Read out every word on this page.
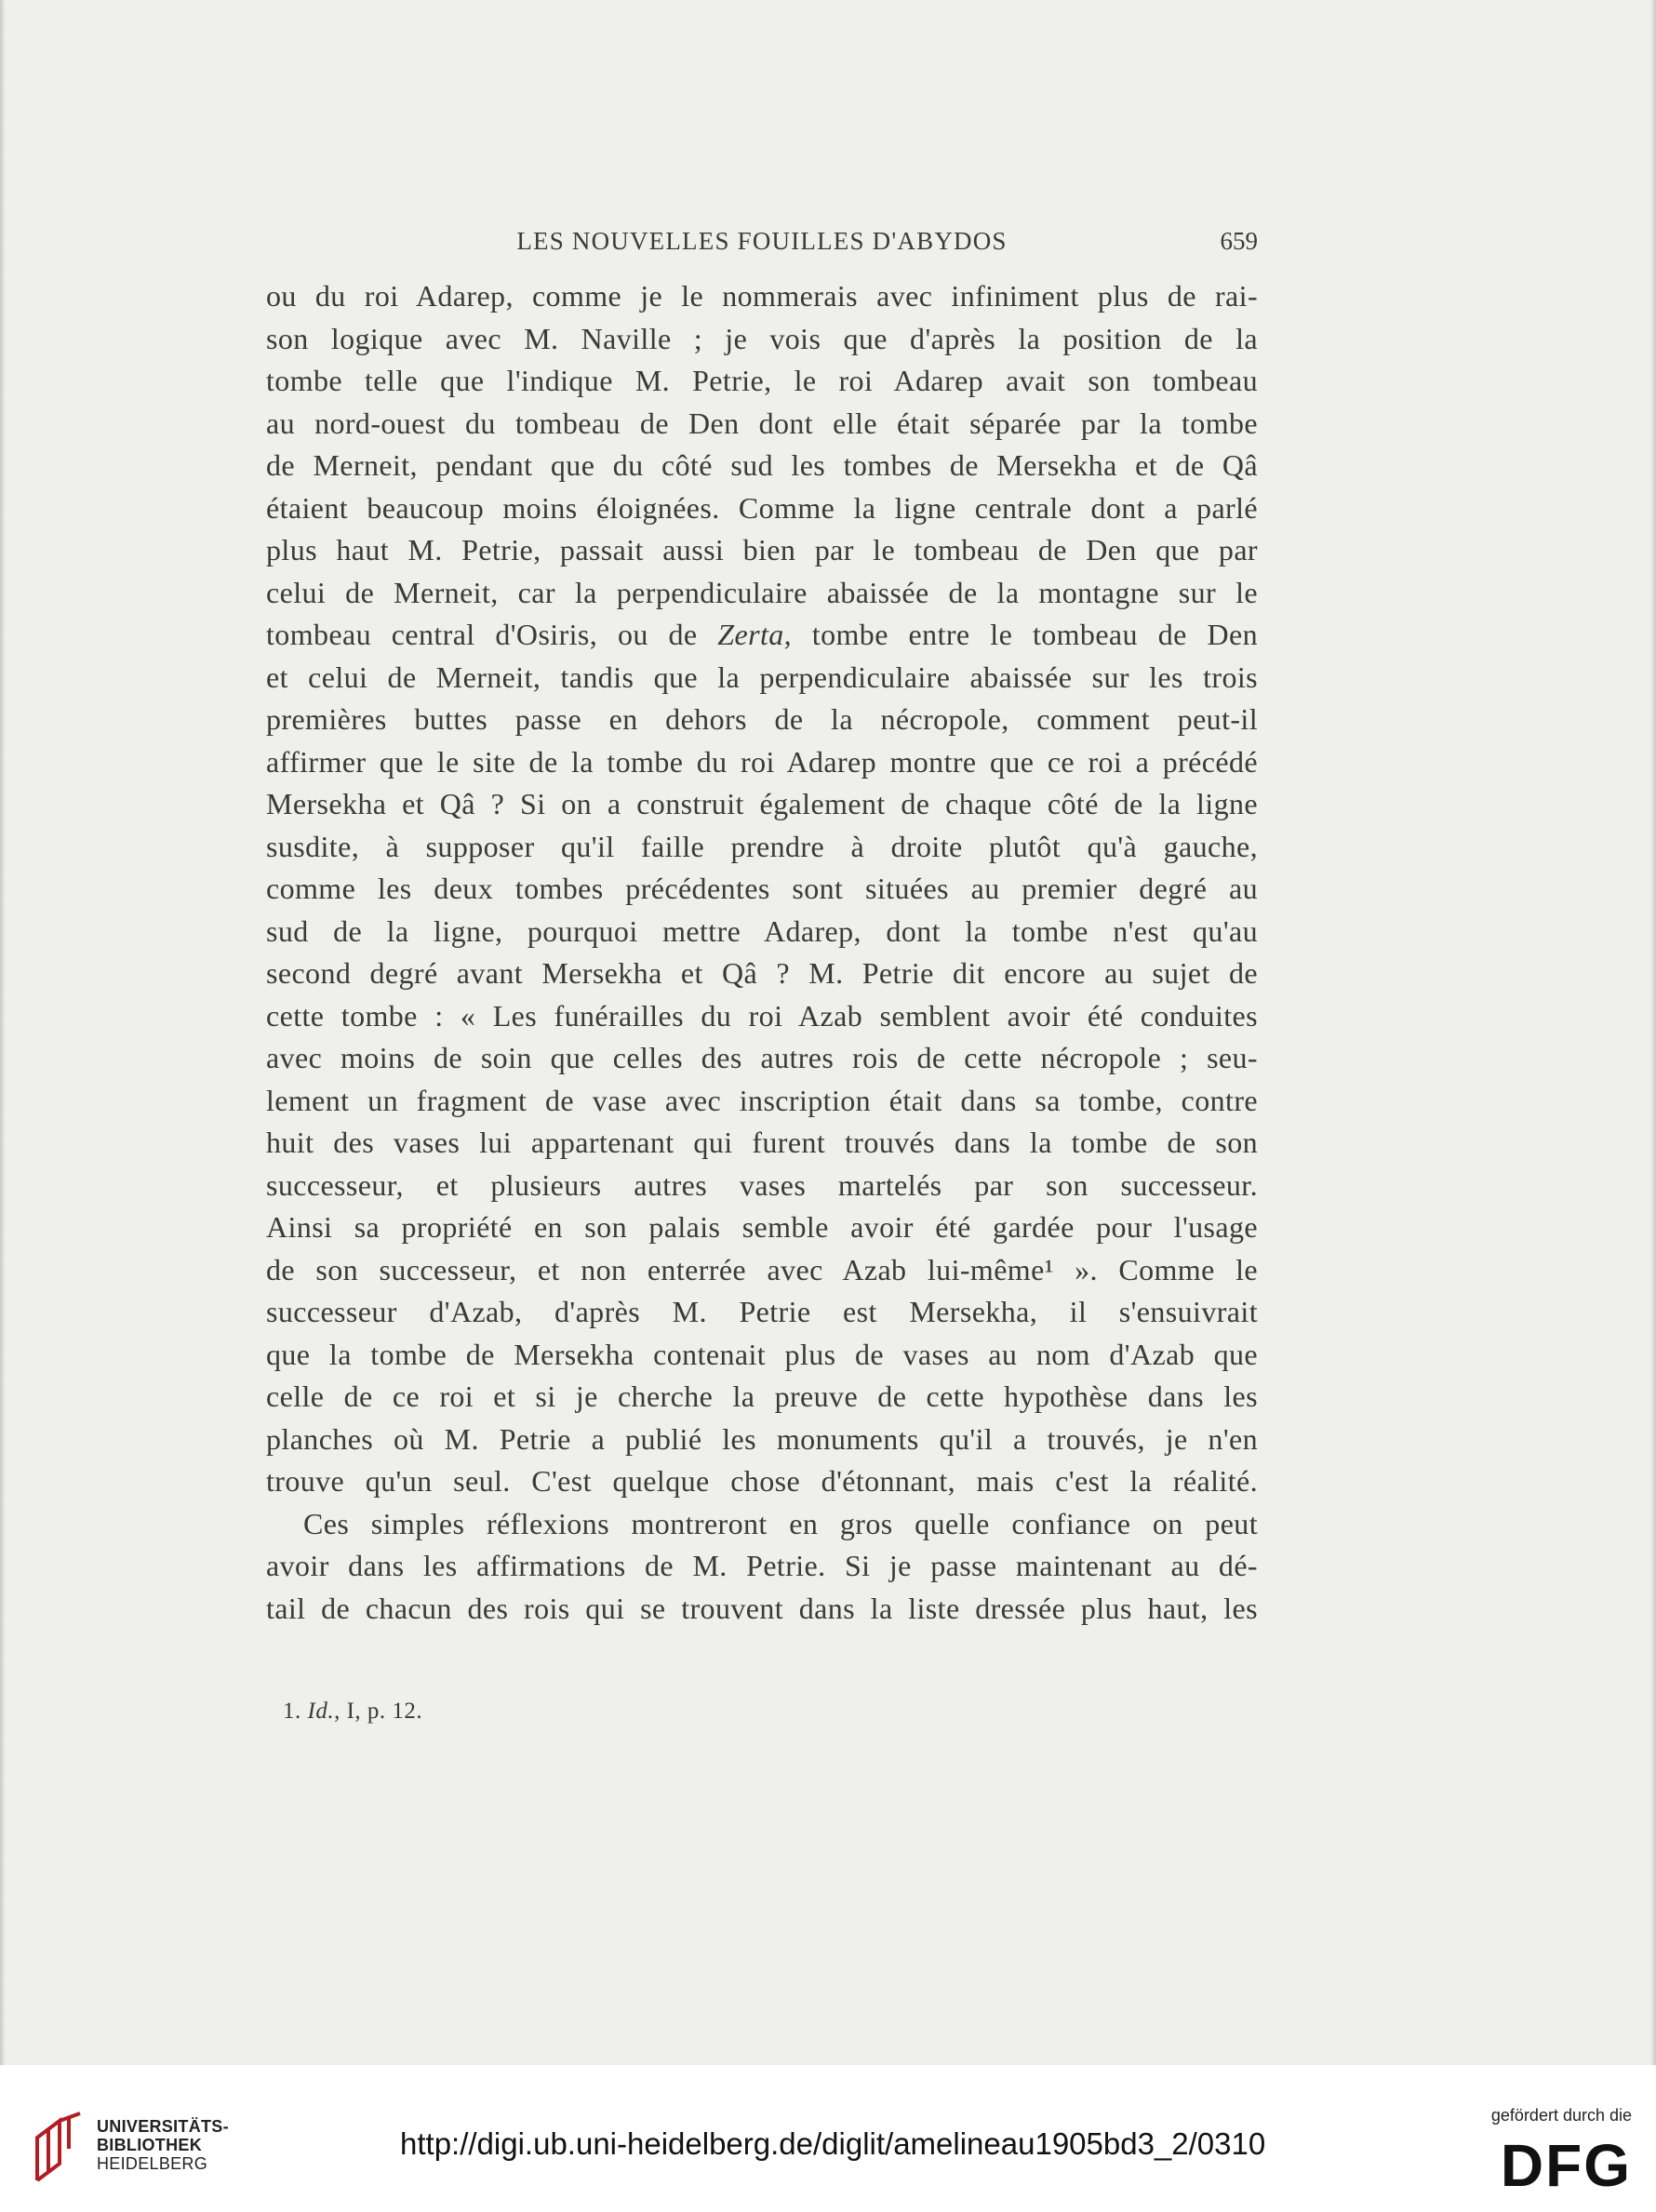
LES NOUVELLES FOUILLES D'ABYDOS	659
ou du roi Adarep, comme je le nommerais avec infiniment plus de rai-
son logique avec M. Naville ; je vois que d'après la position de la
tombe telle que l'indique M. Petrie, le roi Adarep avait son tombeau
au nord-ouest du tombeau de Den dont elle était séparée par la tombe
de Merneit, pendant que du côté sud les tombes de Mersekha et de Qâ
étaient beaucoup moins éloignées. Comme la ligne centrale dont a parlé
plus haut M. Petrie, passait aussi bien par le tombeau de Den que par
celui de Merneit, car la perpendiculaire abaissée de la montagne sur le
tombeau central d'Osiris, ou de Zerta, tombe entre le tombeau de Den
et celui de Merneit, tandis que la perpendiculaire abaissée sur les trois
premières buttes passe en dehors de la nécropole, comment peut-il
affirmer que le site de la tombe du roi Adarep montre que ce roi a précédé
Mersekha et Qâ ? Si on a construit également de chaque côté de la ligne
susdite, à supposer qu'il faille prendre à droite plutôt qu'à gauche,
comme les deux tombes précédentes sont situées au premier degré au
sud de la ligne, pourquoi mettre Adarep, dont la tombe n'est qu'au
second degré avant Mersekha et Qâ ? M. Petrie dit encore au sujet de
cette tombe : « Les funérailles du roi Azab semblent avoir été conduites
avec moins de soin que celles des autres rois de cette nécropole ; seu-
lement un fragment de vase avec inscription était dans sa tombe, contre
huit des vases lui appartenant qui furent trouvés dans la tombe de son
successeur, et plusieurs autres vases martelés par son successeur.
Ainsi sa propriété en son palais semble avoir été gardée pour l'usage
de son successeur, et non enterrée avec Azab lui-même¹ ». Comme le
successeur d'Azab, d'après M. Petrie est Mersekha, il s'ensuivrait
que la tombe de Mersekha contenait plus de vases au nom d'Azab que
celle de ce roi et si je cherche la preuve de cette hypothèse dans les
planches où M. Petrie a publié les monuments qu'il a trouvés, je n'en
trouve qu'un seul. C'est quelque chose d'étonnant, mais c'est la réalité.
Ces simples réflexions montreront en gros quelle confiance on peut
avoir dans les affirmations de M. Petrie. Si je passe maintenant au dé-
tail de chacun des rois qui se trouvent dans la liste dressée plus haut, les
1. Id., I, p. 12.
UNIVERSITÄTS-
BIBLIOTHEK
HEIDELBERG
http://digi.ub.uni-heidelberg.de/diglit/amelineau1905bd3_2/0310
gefördert durch die
DFG
